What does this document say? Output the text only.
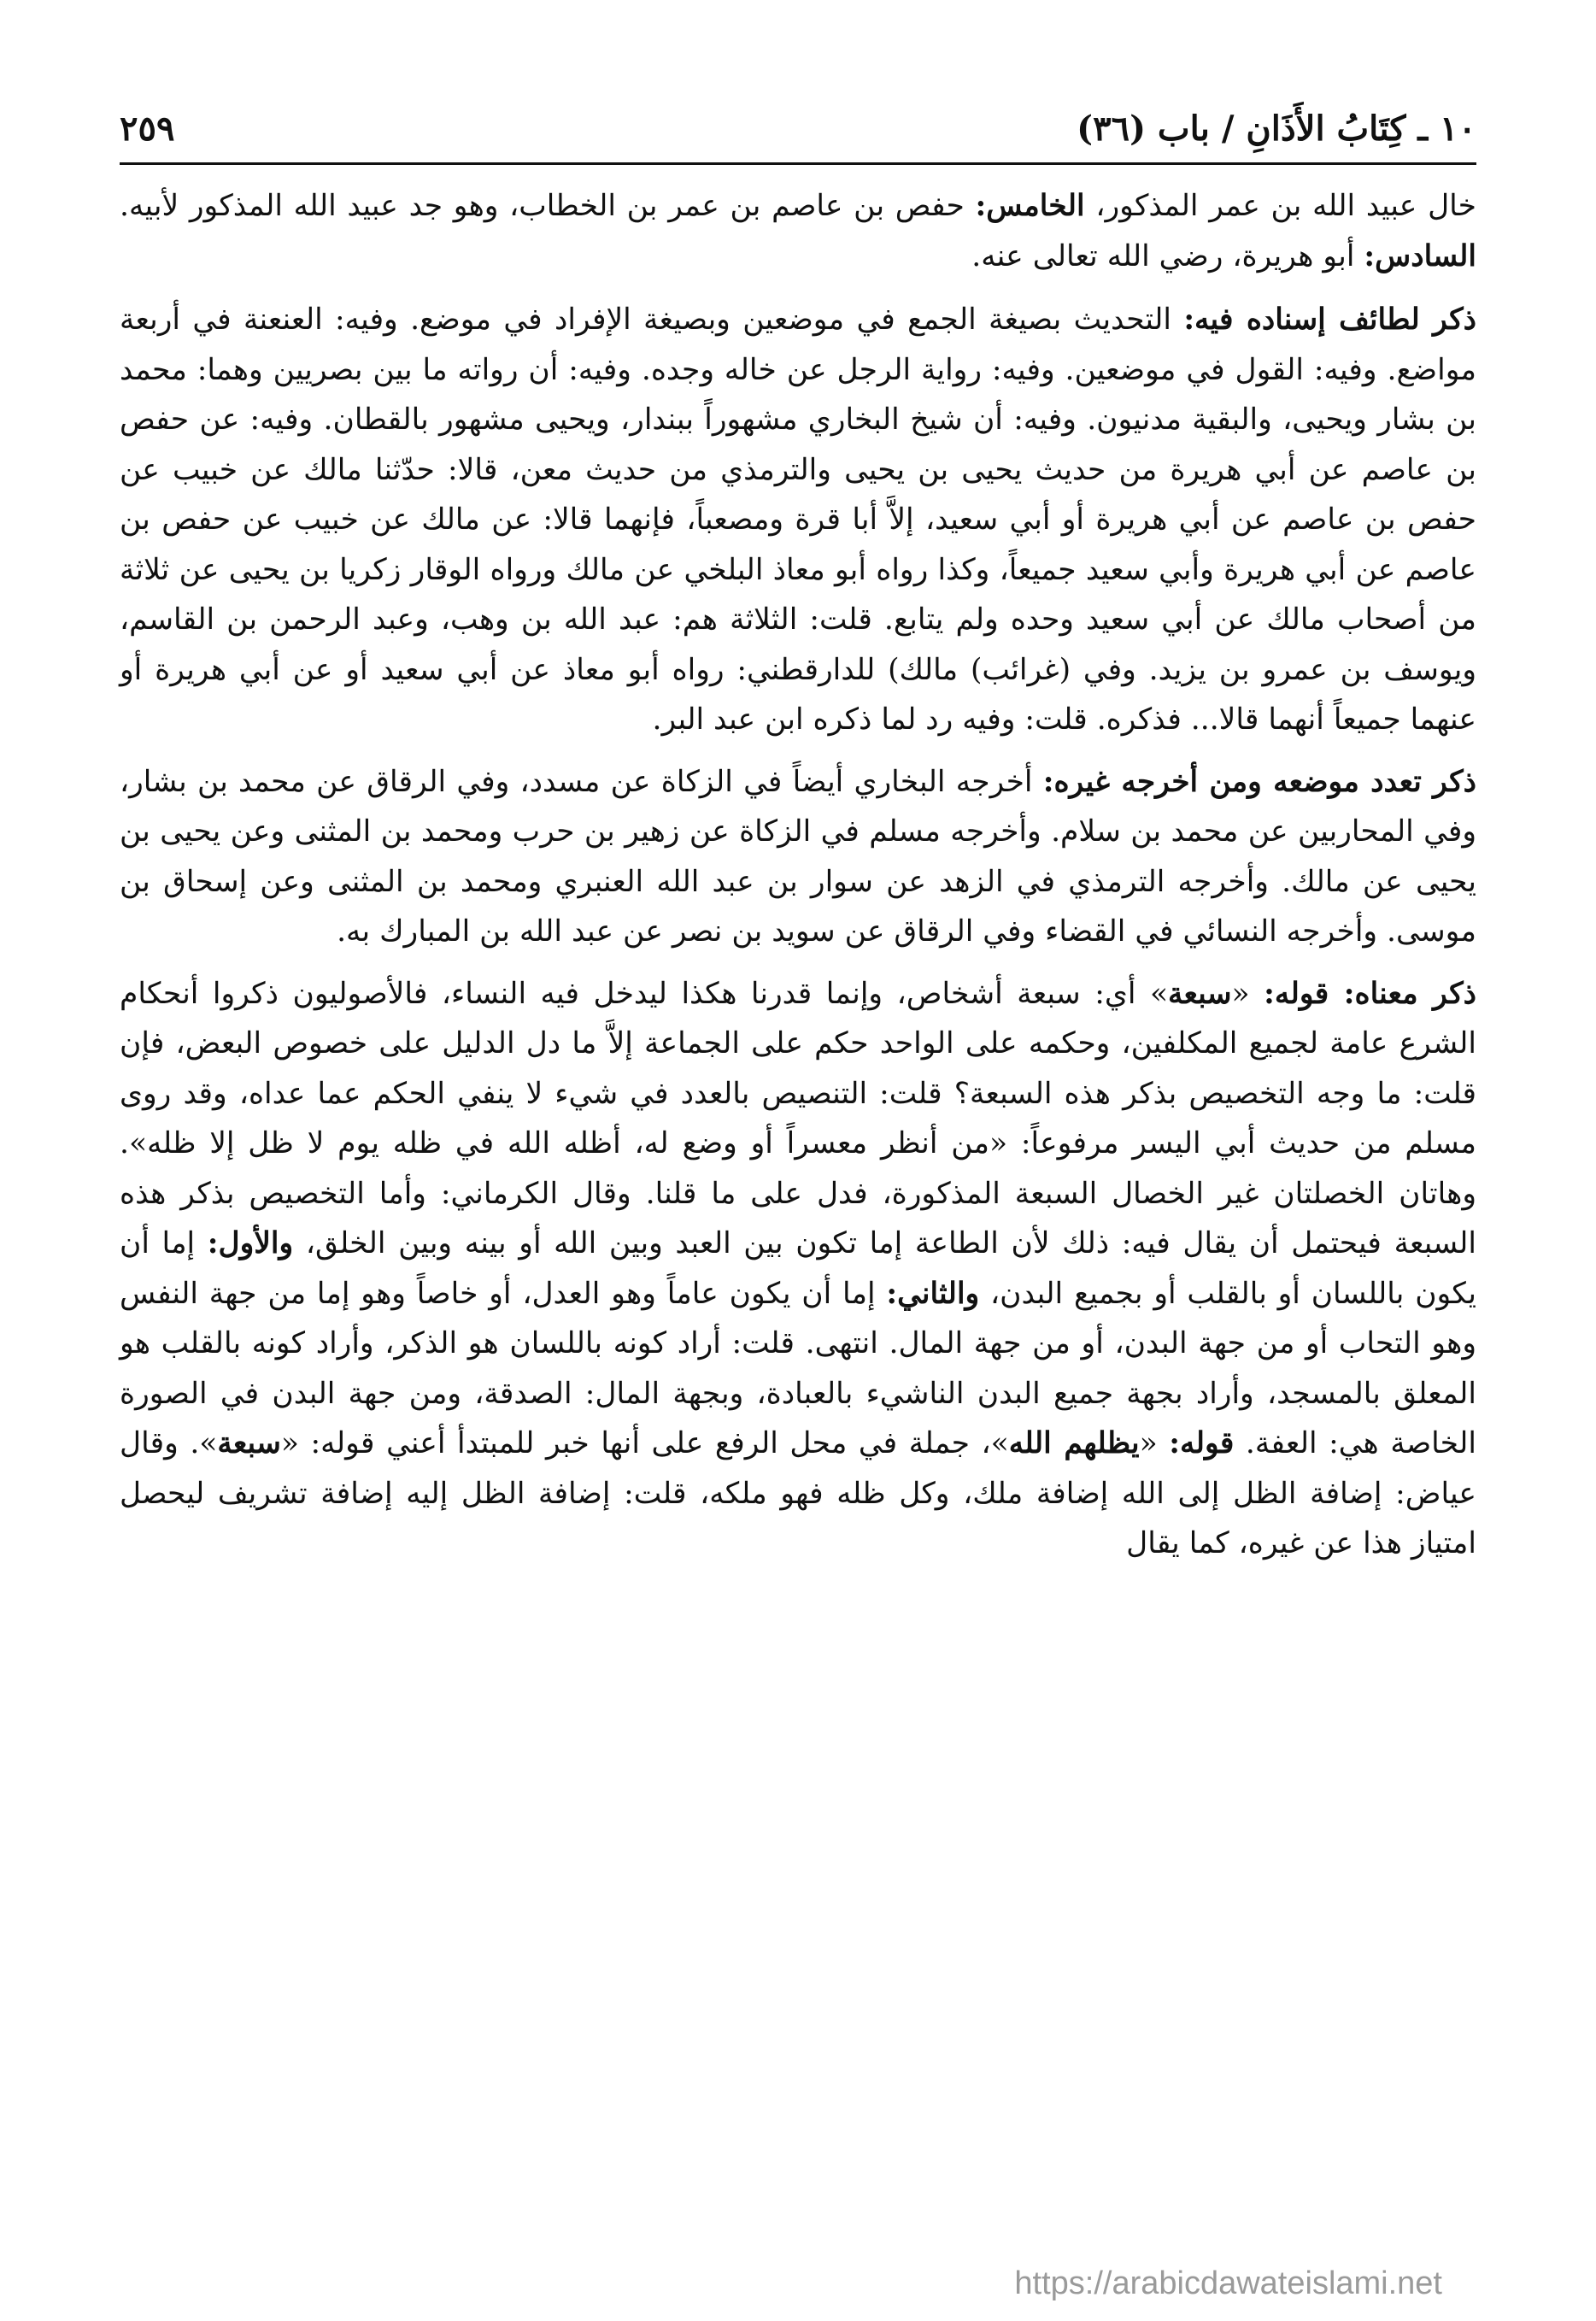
١٠ ـ كِتَابُ الأَذَانِ / باب (٣٦)
٢٥٩

خال عبيد الله بن عمر المذكور، الخامس: حفص بن عاصم بن عمر بن الخطاب، وهو جد عبيد الله المذكور لأبيه. السادس: أبو هريرة، رضي الله تعالى عنه.

ذكر لطائف إسناده فيه: التحديث بصيغة الجمع في موضعين وبصيغة الإفراد في موضع. وفيه: العنعنة في أربعة مواضع. وفيه: القول في موضعين. وفيه: رواية الرجل عن خاله وجده. وفيه: أن رواته ما بين بصريين وهما: محمد بن بشار ويحيى، والبقية مدنيون. وفيه: أن شيخ البخاري مشهوراً ببندار، ويحيى مشهور بالقطان. وفيه: عن حفص بن عاصم عن أبي هريرة من حديث يحيى بن يحيى والترمذي من حديث معن، قالا: حدّثنا مالك عن خبيب عن حفص بن عاصم عن أبي هريرة أو أبي سعيد، إلاَّ أبا قرة ومصعباً، فإنهما قالا: عن مالك عن خبيب عن حفص بن عاصم عن أبي هريرة وأبي سعيد جميعاً، وكذا رواه أبو معاذ البلخي عن مالك ورواه الوقار زكريا بن يحيى عن ثلاثة من أصحاب مالك عن أبي سعيد وحده ولم يتابع. قلت: الثلاثة هم: عبد الله بن وهب، وعبد الرحمن بن القاسم، ويوسف بن عمرو بن يزيد. وفي (غرائب) مالك) للدارقطني: رواه أبو معاذ عن أبي سعيد أو عن أبي هريرة أو عنهما جميعاً أنهما قالا... فذكره. قلت: وفيه رد لما ذكره ابن عبد البر.

ذكر تعدد موضعه ومن أخرجه غيره: أخرجه البخاري أيضاً في الزكاة عن مسدد، وفي الرقاق عن محمد بن بشار، وفي المحاربين عن محمد بن سلام. وأخرجه مسلم في الزكاة عن زهير بن حرب ومحمد بن المثنى وعن يحيى بن يحيى عن مالك. وأخرجه الترمذي في الزهد عن سوار بن عبد الله العنبري ومحمد بن المثنى وعن إسحاق بن موسى. وأخرجه النسائي في القضاء وفي الرقاق عن سويد بن نصر عن عبد الله بن المبارك به.

ذكر معناه: قوله: «سبعة» أي: سبعة أشخاص، وإنما قدرنا هكذا ليدخل فيه النساء، فالأصوليون ذكروا أنحكام الشرع عامة لجميع المكلفين، وحكمه على الواحد حكم على الجماعة إلاَّ ما دل الدليل على خصوص البعض، فإن قلت: ما وجه التخصيص بذكر هذه السبعة؟ قلت: التنصيص بالعدد في شيء لا ينفي الحكم عما عداه، وقد روى مسلم من حديث أبي اليسر مرفوعاً: «من أنظر معسراً أو وضع له، أظله الله في ظله يوم لا ظل إلا ظله». وهاتان الخصلتان غير الخصال السبعة المذكورة، فدل على ما قلنا. وقال الكرماني: وأما التخصيص بذكر هذه السبعة فيحتمل أن يقال فيه: ذلك لأن الطاعة إما تكون بين العبد وبين الله أو بينه وبين الخلق، والأول: إما أن يكون باللسان أو بالقلب أو بجميع البدن، والثاني: إما أن يكون عاماً وهو العدل، أو خاصاً وهو إما من جهة النفس وهو التحاب أو من جهة البدن، أو من جهة المال. انتهى. قلت: أراد كونه باللسان هو الذكر، وأراد كونه بالقلب هو المعلق بالمسجد، وأراد بجهة جميع البدن الناشيء بالعبادة، وبجهة المال: الصدقة، ومن جهة البدن في الصورة الخاصة هي: العفة. قوله: «يظلهم الله»، جملة في محل الرفع على أنها خبر للمبتدأ أعني قوله: «سبعة». وقال عياض: إضافة الظل إلى الله إضافة ملك، وكل ظله فهو ملكه، قلت: إضافة الظل إليه إضافة تشريف ليحصل امتياز هذا عن غيره، كما يقال

https://arabicdawateislami.net
